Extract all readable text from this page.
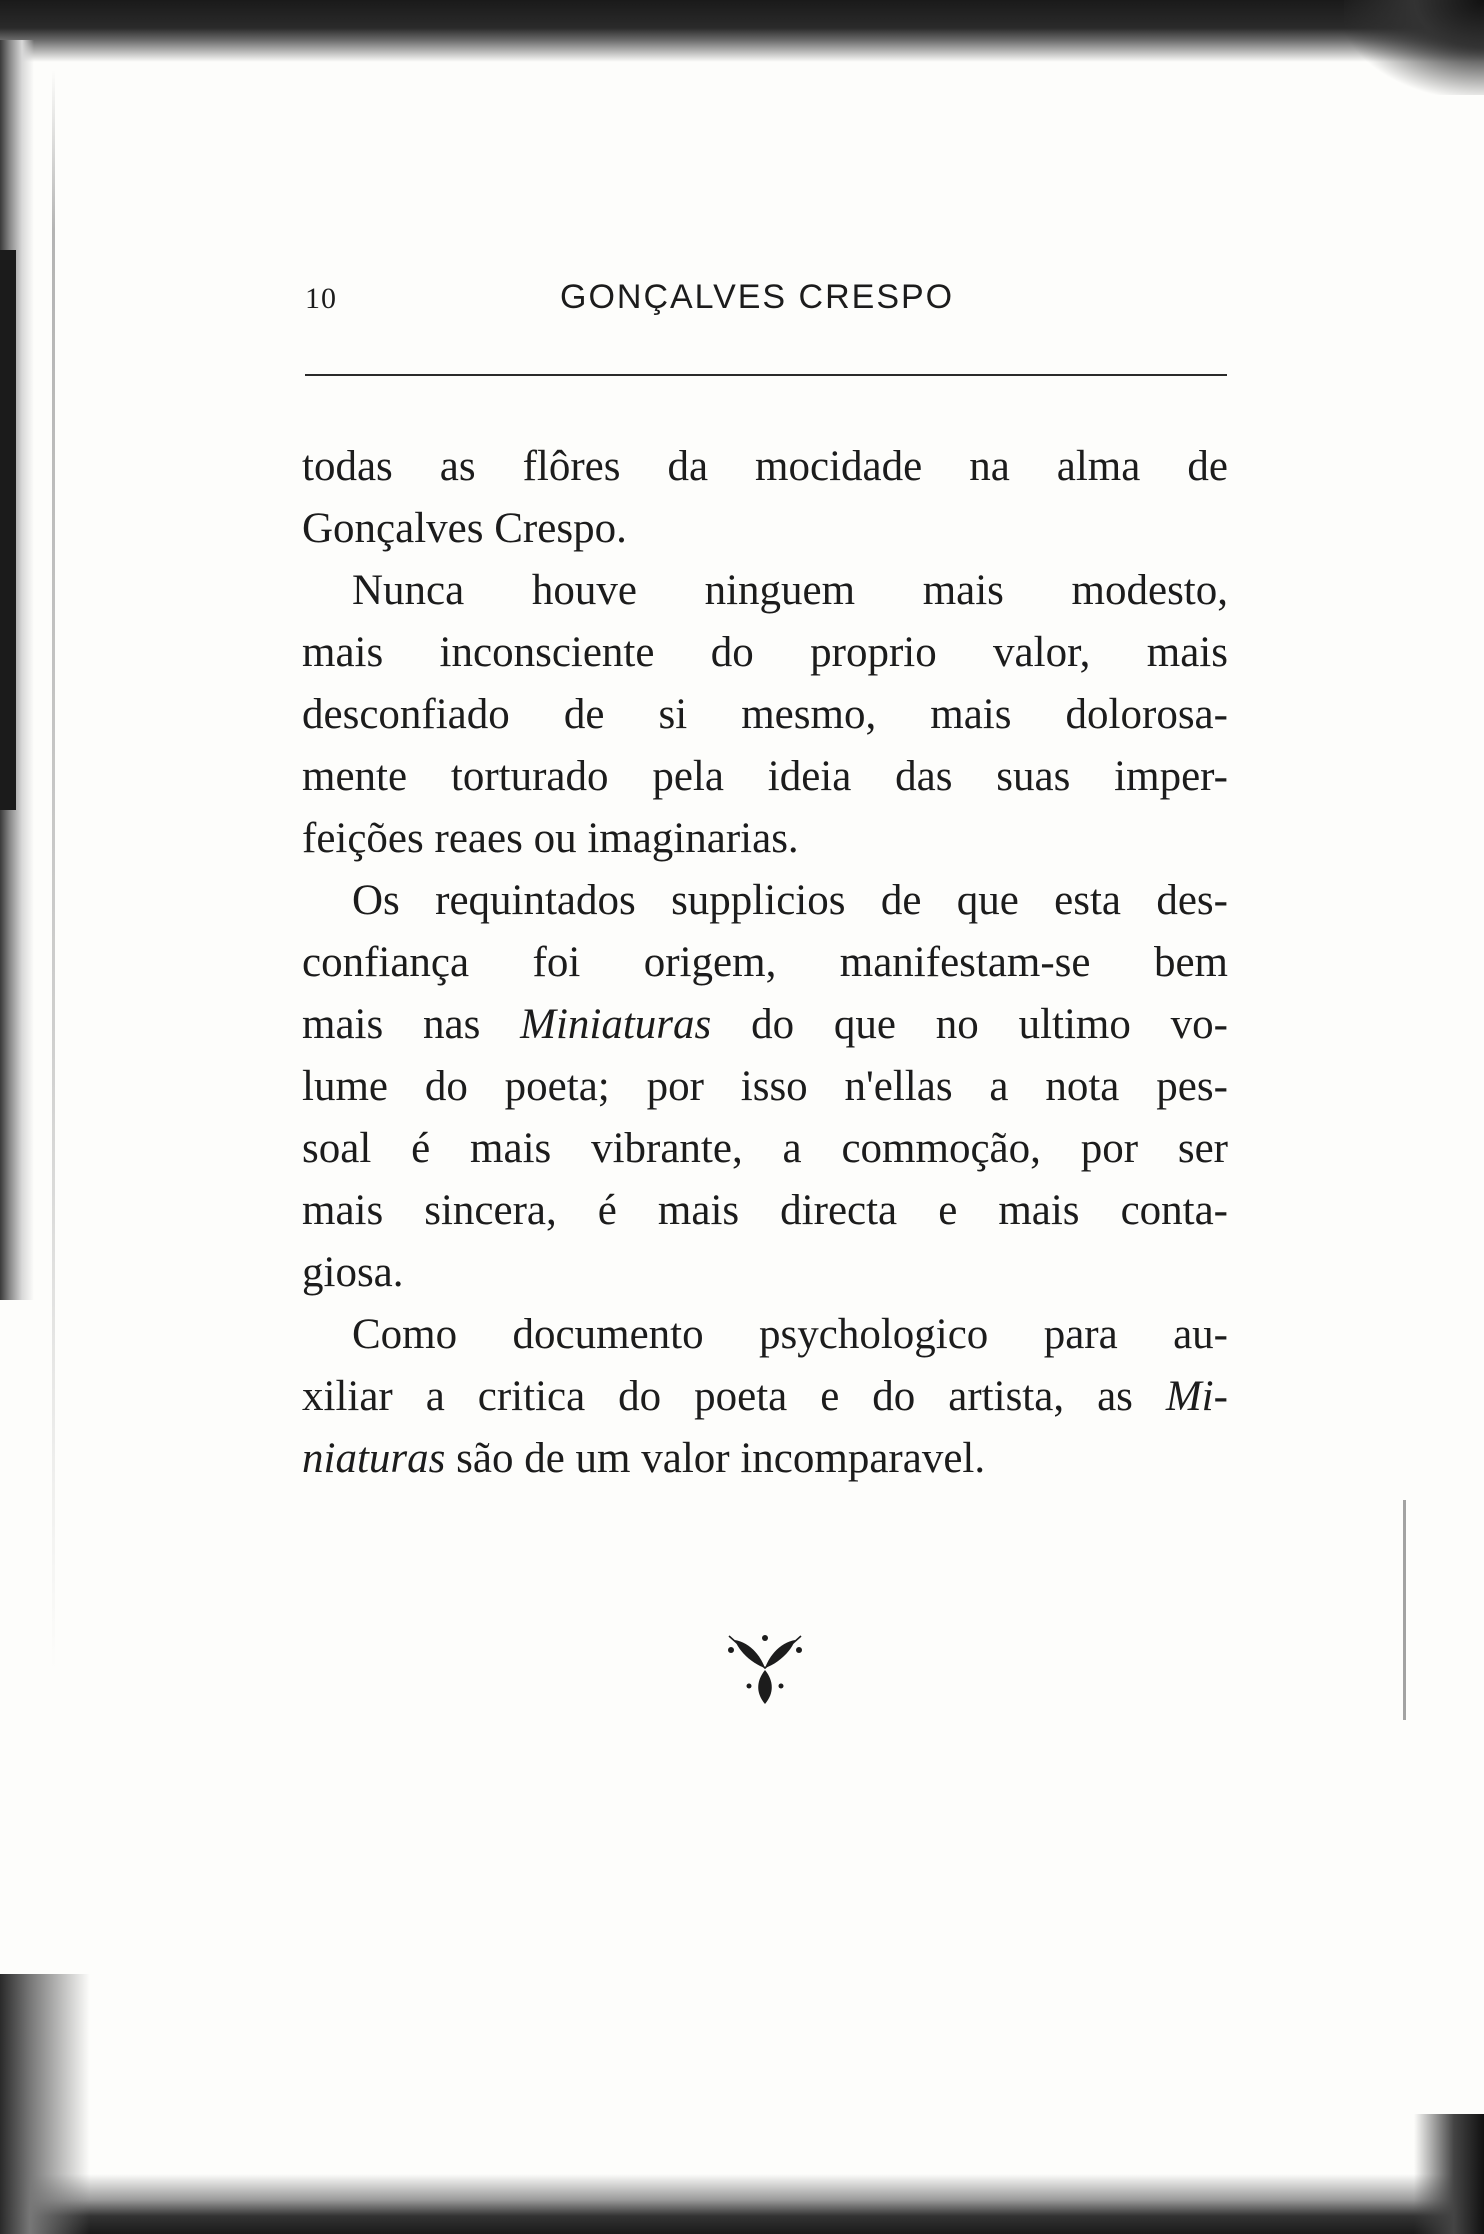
10	GONÇALVES CRESPO
todas as flôres da mocidade na alma de
Gonçalves Crespo.
Nunca houve ninguem mais modesto,
mais inconsciente do proprio valor, mais
desconfiado de si mesmo, mais dolorosa-
mente torturado pela ideia das suas imper-
feições reaes ou imaginarias.
Os requintados supplicios de que esta des-
confiança foi origem, manifestam-se bem
mais nas Miniaturas do que no ultimo vo-
lume do poeta; por isso n'ellas a nota pes-
soal é mais vibrante, a commoção, por ser
mais sincera, é mais directa e mais conta-
giosa.
Como documento psychologico para au-
xiliar a critica do poeta e do artista, as Mi-
niaturas são de um valor incomparavel.
